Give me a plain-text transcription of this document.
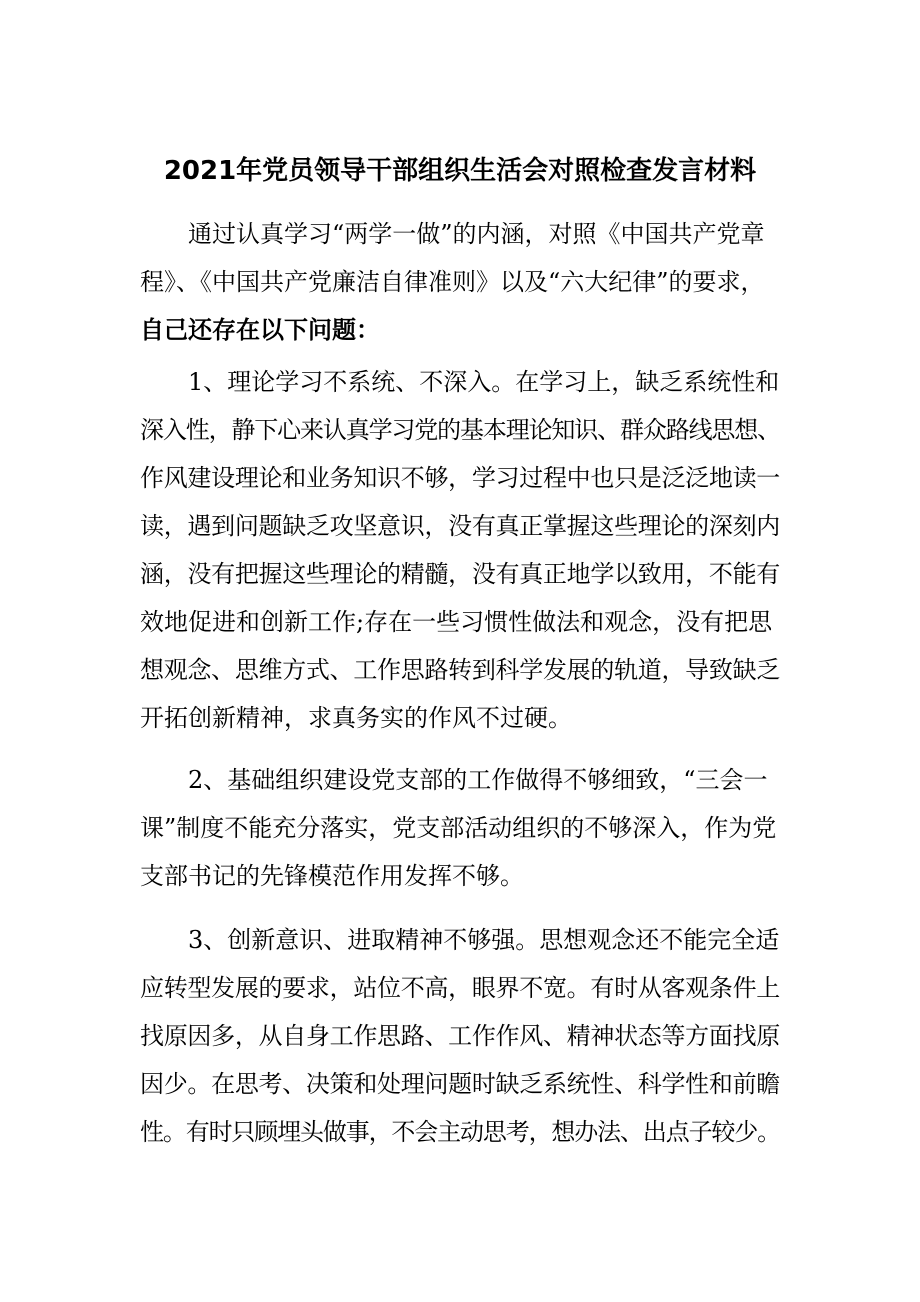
2021年党员领导干部组织生活会对照检查发言材料
通过认真学习“两学一做”的内涵，对照《中国共产党章
程》、《中国共产党廉洁自律准则》以及“六大纪律”的要求，
自己还存在以下问题：
1、理论学习不系统、不深入。在学习上，缺乏系统性和
深入性，静下心来认真学习党的基本理论知识、群众路线思想、
作风建设理论和业务知识不够，学习过程中也只是泛泛地读一
读，遇到问题缺乏攻坚意识，没有真正掌握这些理论的深刻内
涵，没有把握这些理论的精髓，没有真正地学以致用，不能有
效地促进和创新工作;存在一些习惯性做法和观念，没有把思
想观念、思维方式、工作思路转到科学发展的轨道，导致缺乏
开拓创新精神，求真务实的作风不过硬。
2、基础组织建设党支部的工作做得不够细致，“三会一
课”制度不能充分落实，党支部活动组织的不够深入，作为党
支部书记的先锋模范作用发挥不够。
3、创新意识、进取精神不够强。思想观念还不能完全适
应转型发展的要求，站位不高，眼界不宽。有时从客观条件上
找原因多，从自身工作思路、工作作风、精神状态等方面找原
因少。在思考、决策和处理问题时缺乏系统性、科学性和前瞻
性。有时只顾埋头做事，不会主动思考，想办法、出点子较少。
